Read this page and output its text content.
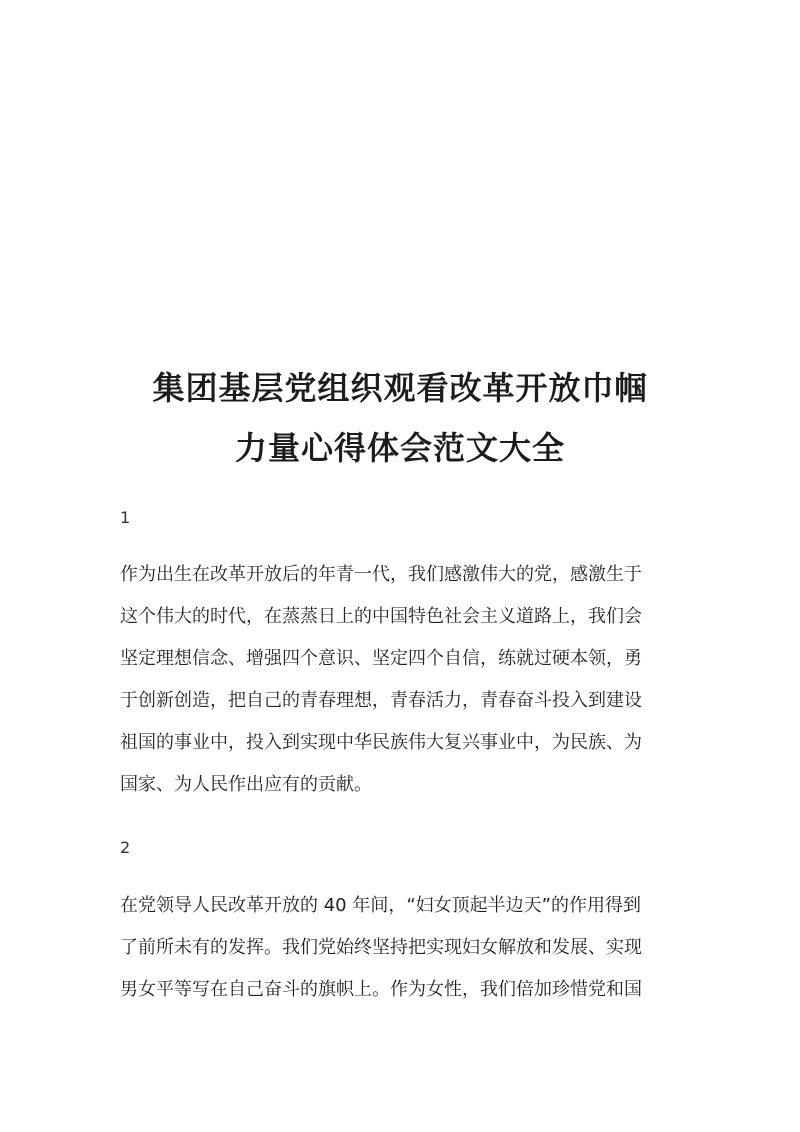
集团基层党组织观看改革开放巾帼
力量心得体会范文大全
1
作为出生在改革开放后的年青一代，我们感激伟大的党，感激生于
这个伟大的时代，在蒸蒸日上的中国特色社会主义道路上，我们会
坚定理想信念、增强四个意识、坚定四个自信，练就过硬本领，勇
于创新创造，把自己的青春理想，青春活力，青春奋斗投入到建设
祖国的事业中，投入到实现中华民族伟大复兴事业中，为民族、为
国家、为人民作出应有的贡献。
2
在党领导人民改革开放的 40 年间，“妇女顶起半边天”的作用得到
了前所未有的发挥。我们党始终坚持把实现妇女解放和发展、实现
男女平等写在自己奋斗的旗帜上。作为女性，我们倍加珍惜党和国
